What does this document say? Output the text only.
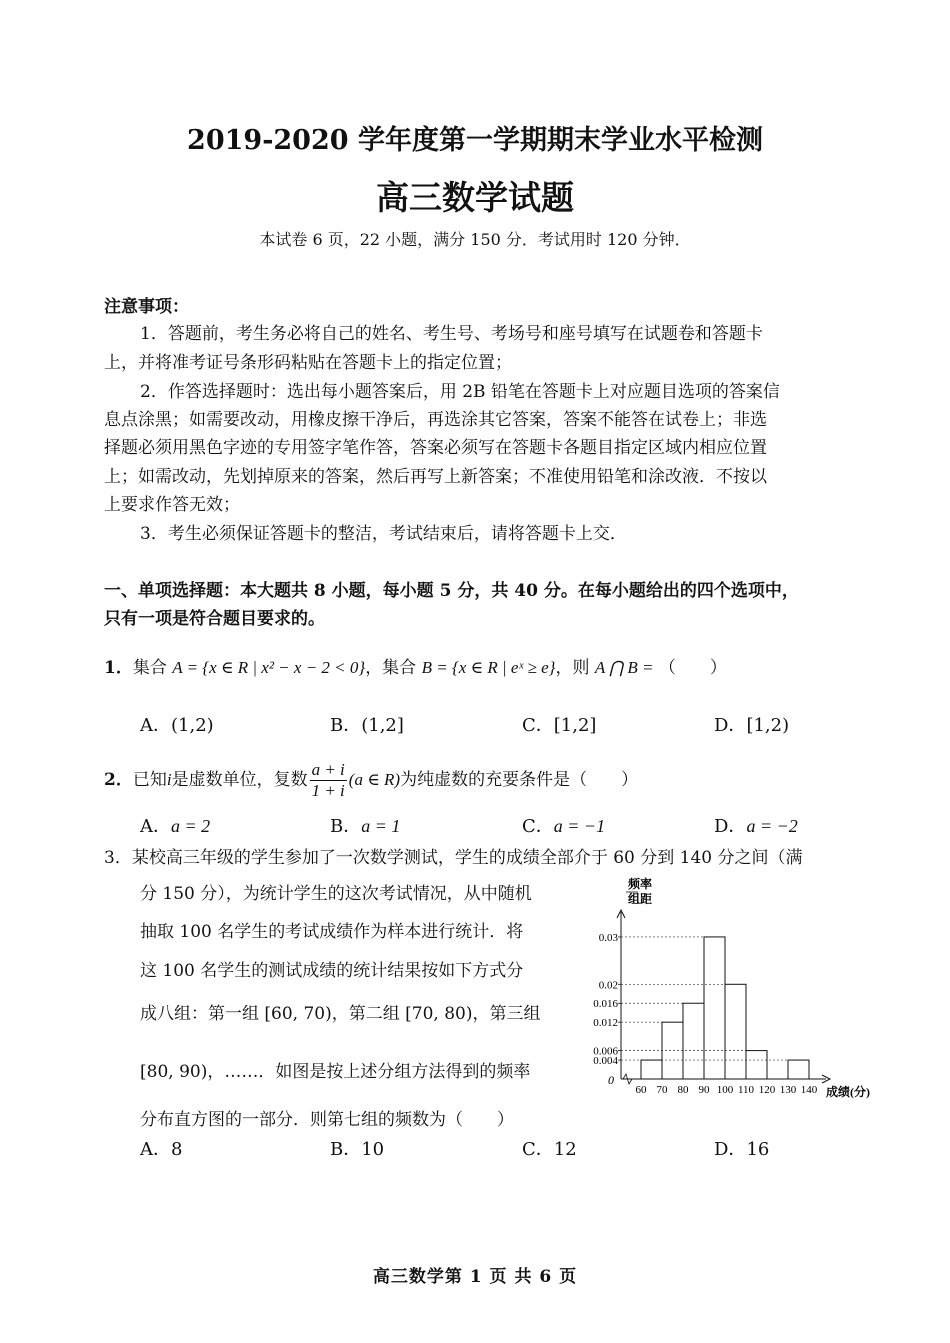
2019-2020 学年度第一学期期末学业水平检测
高三数学试题
本试卷 6 页，22 小题，满分 150 分．考试用时 120 分钟．
注意事项：
1．答题前，考生务必将自己的姓名、考生号、考场号和座号填写在试题卷和答题卡
上，并将准考证号条形码粘贴在答题卡上的指定位置；
2．作答选择题时：选出每小题答案后，用 2B 铅笔在答题卡上对应题目选项的答案信
息点涂黑；如需要改动，用橡皮擦干净后，再选涂其它答案，答案不能答在试卷上；非选
择题必须用黑色字迹的专用签字笔作答，答案必须写在答题卡各题目指定区域内相应位置
上；如需改动，先划掉原来的答案，然后再写上新答案；不准使用铅笔和涂改液．不按以
上要求作答无效；
3．考生必须保证答题卡的整洁，考试结束后，请将答题卡上交．
一、单项选择题：本大题共 8 小题，每小题 5 分，共 40 分。在每小题给出的四个选项中，
只有一项是符合题目要求的。
1．集合 A = {x ∈ R | x² − x − 2 < 0}，集合 B = {x ∈ R | eˣ ≥ e}，则 A ⋂ B = （　　）
A．(1,2)	B．(1,2]	C．[1,2]	D．[1,2)
2．已知i是虚数单位，复数 $\frac{a + i}{1 + i} (a$ ∈ R)为纯虚数的充要条件是（　　）
A．a = 2	B．a = 1	C．a = −1	D．a = −2
3．某校高三年级的学生参加了一次数学测试，学生的成绩全部介于 60 分到 140 分之间（满
分 150 分），为统计学生的这次考试情况，从中随机
抽取 100 名学生的考试成绩作为样本进行统计．将
这 100 名学生的测试成绩的统计结果按如下方式分
成八组：第一组 [60, 70)，第二组 [70, 80)，第三组
[80, 90)，……．如图是按上述分组方法得到的频率
分布直方图的一部分．则第七组的频数为（　　）
A．8	B．10	C．12	D．16
频率
组距
0
成绩(分)
60 70 80 90 100 110 120 130 140
0.03
0.02
0.016
0.012
0.006
0.004
高三数学第 1 页 共 6 页
